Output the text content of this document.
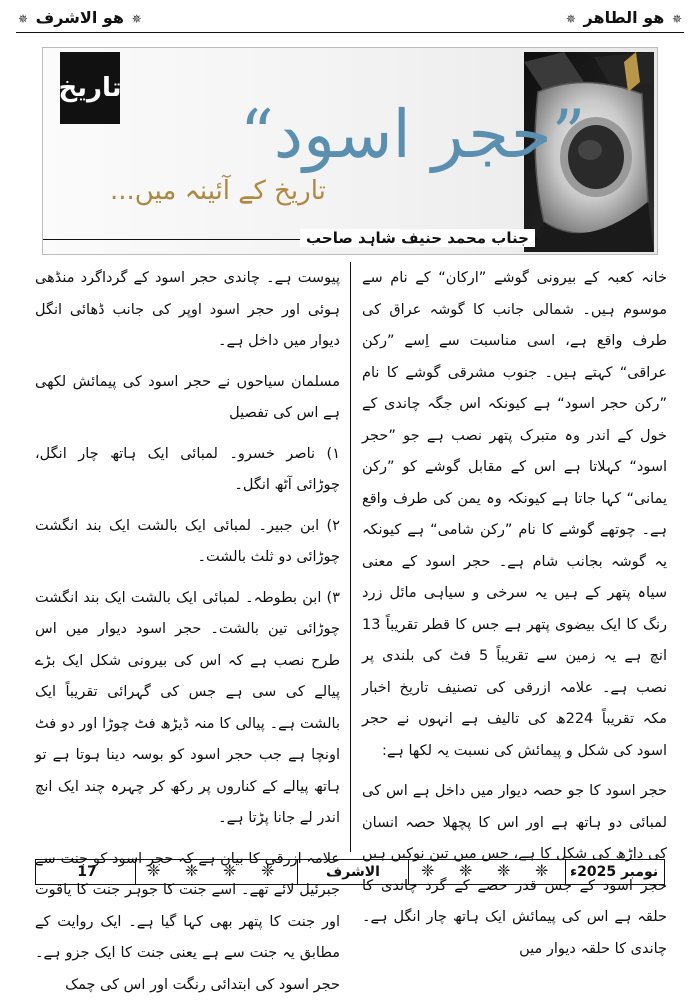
✵ هو الطاهر ✵
✵ هو الاشرف ✵
تاریخ
”حجر اسود“
تاریخ کے آئینہ میں...
جناب محمد حنیف شاہد صاحب

خانہ کعبہ کے بیرونی گوشے ”ارکان“ کے نام سے موسوم ہیں۔ شمالی جانب کا گوشہ عراق کی طرف واقع ہے، اسی مناسبت سے اِسے ”رکن عراقی“ کہتے ہیں۔ جنوب مشرقی گوشے کا نام ”رکن حجر اسود“ ہے کیونکہ اس جگہ چاندی کے خول کے اندر وہ متبرک پتھر نصب ہے جو ”حجر اسود“ کہلاتا ہے اس کے مقابل گوشے کو ”رکن یمانی“ کہا جاتا ہے کیونکہ وہ یمن کی طرف واقع ہے۔ چوتھے گوشے کا نام ”رکن شامی“ ہے کیونکہ یہ گوشہ بجانب شام ہے۔ حجر اسود کے معنی سیاہ پتھر کے ہیں یہ سرخی و سیاہی مائل زرد رنگ کا ایک بیضوی پتھر ہے جس کا قطر تقریباً 13 انچ ہے یہ زمین سے تقریباً 5 فٹ کی بلندی پر نصب ہے۔ علامہ ازرقی کی تصنیف تاریخ اخبار مکہ تقریباً 224ھ کی تالیف ہے انہوں نے حجر اسود کی شکل و پیمائش کی نسبت یہ لکھا ہے:

حجر اسود کا جو حصہ دیوار میں داخل ہے اس کی لمبائی دو ہاتھ ہے اور اس کا پچھلا حصہ انسان کی داڑھ کی شکل کا ہے، جس میں تین نوکیں ہیں حجر اسود کے جس قدر حصے کے گرد چاندی کا حلقہ ہے اس کی پیمائش ایک ہاتھ چار انگل ہے۔ چاندی کا حلقہ دیوار میں

پیوست ہے۔ چاندی حجر اسود کے گرداگرد منڈھی ہوئی اور حجر اسود اوپر کی جانب ڈھائی انگل دیوار میں داخل ہے۔

مسلمان سیاحوں نے حجر اسود کی پیمائش لکھی ہے اس کی تفصیل

١) ناصر خسرو۔ لمبائی ایک ہاتھ چار انگل، چوڑائی آٹھ انگل۔

٢) ابن جبیر۔ لمبائی ایک بالشت ایک بند انگشت چوڑائی دو ثلث بالشت۔

٣) ابن بطوطہ۔ لمبائی ایک بالشت ایک بند انگشت چوڑائی تین بالشت۔ حجر اسود دیوار میں اس طرح نصب ہے کہ اس کی بیرونی شکل ایک بڑے پیالے کی سی ہے جس کی گہرائی تقریباً ایک بالشت ہے۔ پیالی کا منہ ڈیڑھ فٹ چوڑا اور دو فٹ اونچا ہے جب حجر اسود کو بوسہ دینا ہوتا ہے تو ہاتھ پیالے کے کناروں پر رکھ کر چہرہ چند ایک انچ اندر لے جانا پڑتا ہے۔

علامہ ازرقی کا بیان ہے کہ حجر اسود کو جنت سے جبرئیل لائے تھے۔ اسے جنت کا جوہر جنت کا یاقوت اور جنت کا پتھر بھی کہا گیا ہے۔ ایک روایت کے مطابق یہ جنت سے ہے یعنی جنت کا ایک جزو ہے۔ حجر اسود کی ابتدائی رنگت اور اس کی چمک

17	❈ ❈ ❈ ❈	الاشرف	❈ ❈ ❈ ❈ نومبر 2025ء
